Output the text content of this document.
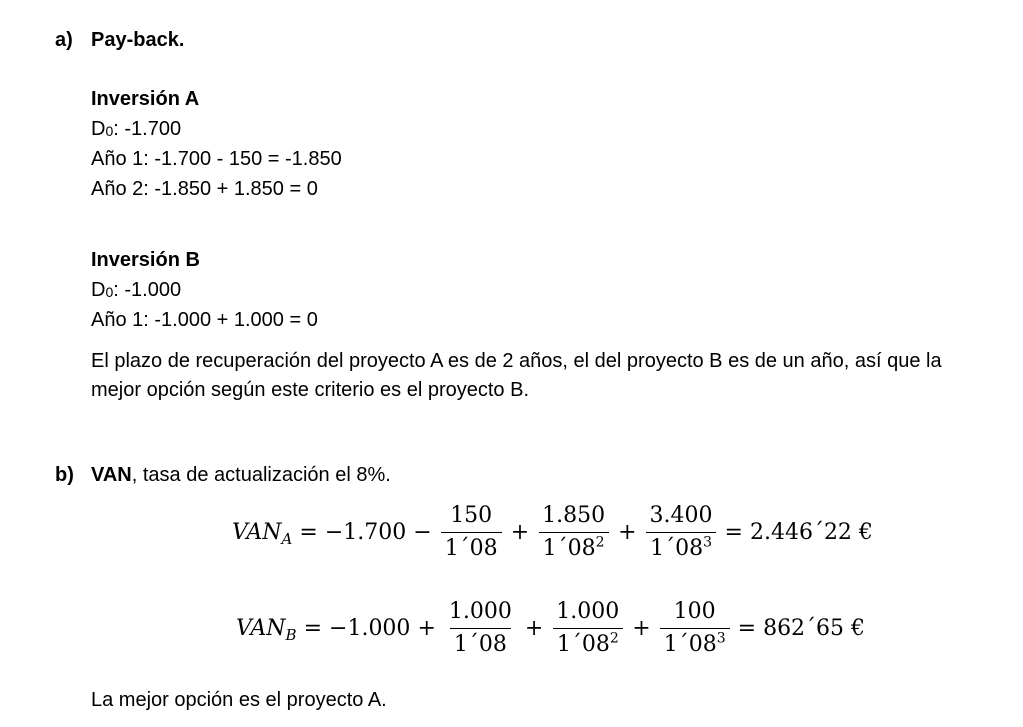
a) Pay-back.
Inversión A
D0: -1.700
Año 1: -1.700 - 150 = -1.850
Año 2: -1.850 + 1.850 = 0
Inversión B
D0: -1.000
Año 1: -1.000 + 1.000 = 0
El plazo de recuperación del proyecto A es de 2 años, el del proyecto B es de un año, así que la mejor opción según este criterio es el proyecto B.
b) VAN, tasa de actualización el 8%.
VAN $A = -1.700 - \frac{150}{1´08} + \frac{1.850}{1´08^2} + \frac{3.400}{1´08^3}$ = 2.446´22 €
VAN $B = -1.000 + \frac{1.000}{1´08} + \frac{1.000}{1´08^2} + \frac{100}{1´08^3}$ = 862´65 €
La mejor opción es el proyecto A.
